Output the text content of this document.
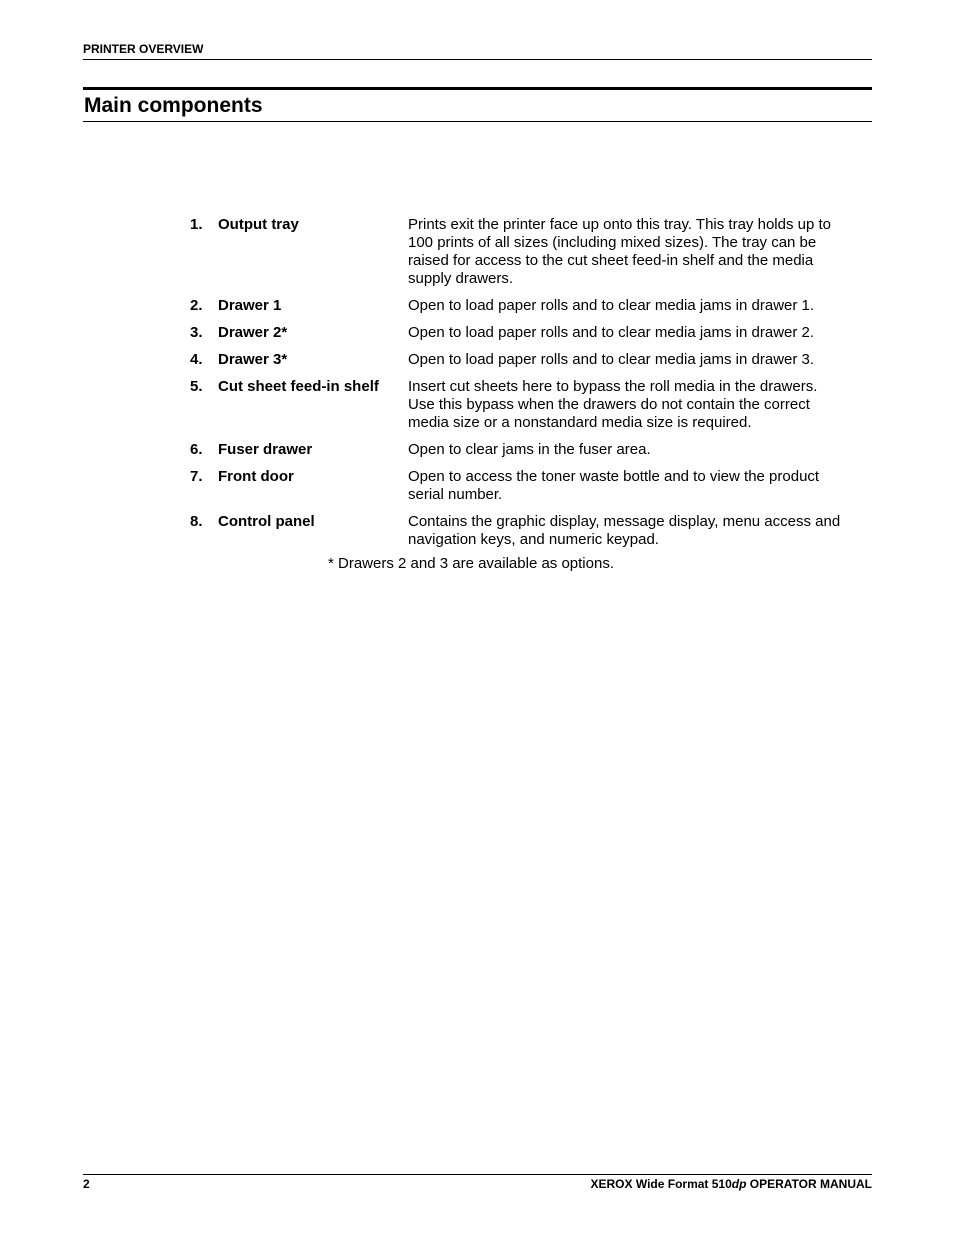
PRINTER OVERVIEW
Main components
1.	Output tray	Prints exit the printer face up onto this tray. This tray holds up to
100 prints of all sizes (including mixed sizes). The tray can be
raised for access to the cut sheet feed-in shelf and the media
supply drawers.
2.	Drawer 1	Open to load paper rolls and to clear media jams in drawer 1.
3.	Drawer 2*	Open to load paper rolls and to clear media jams in drawer 2.
4.	Drawer 3*	Open to load paper rolls and to clear media jams in drawer 3.
5.	Cut sheet feed-in shelf	Insert cut sheets here to bypass the roll media in the drawers.
Use this bypass when the drawers do not contain the correct
media size or a nonstandard media size is required.
6.	Fuser drawer	Open to clear jams in the fuser area.
7.	Front door	Open to access the toner waste bottle and to view the product
serial number.
8.	Control panel	Contains the graphic display, message display, menu access and
navigation keys, and numeric keypad.
* Drawers 2 and 3 are available as options.
2	XEROX Wide Format 510dp OPERATOR MANUAL
